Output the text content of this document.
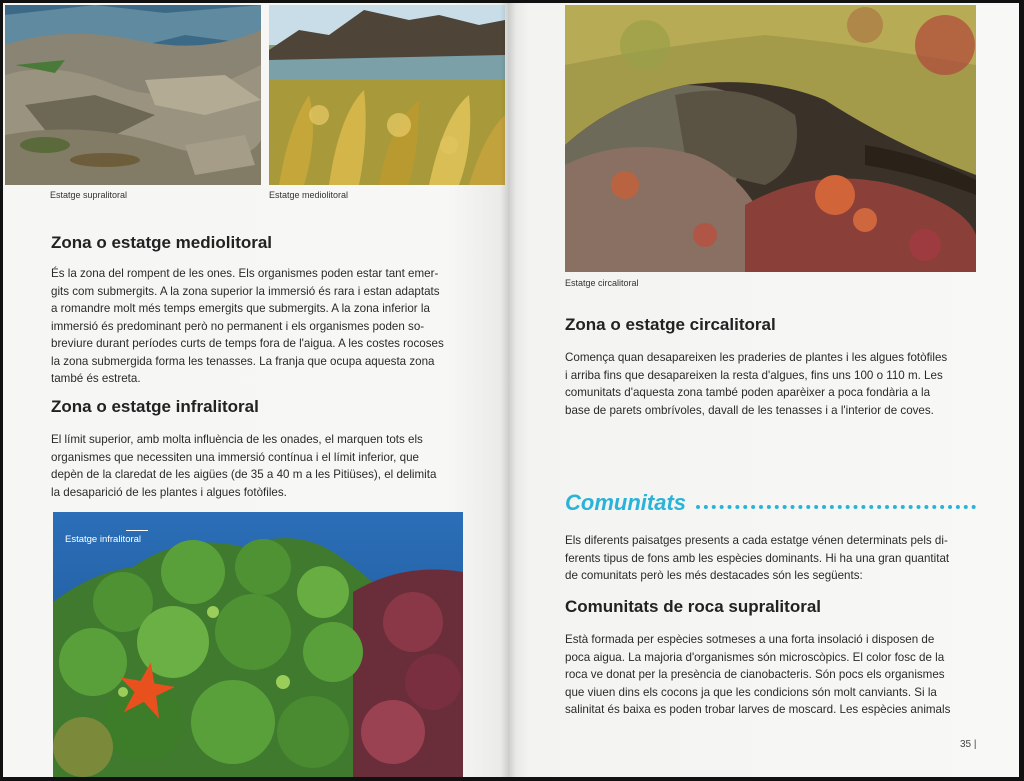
Estatge supralitoral	Estatge mediolitoral
Zona o estatge mediolitoral
És la zona del rompent de les ones. Els organismes poden estar tant emer-
gits com submergits. A la zona superior la immersió és rara i estan adaptats
a romandre molt més temps emergits que submergits. A la zona inferior la
immersió és predominant però no permanent i els organismes poden so-
breviure durant períodes curts de temps fora de l'aigua. A les costes rocoses
la zona submergida forma les tenasses. La franja que ocupa aquesta zona
també és estreta.
Zona o estatge infralitoral
El límit superior, amb molta influència de les onades, el marquen tots els
organismes que necessiten una immersió contínua i el límit inferior, que
depèn de la claredat de les aigües (de 35 a 40 m a les Pitiüses), el delimita
la desaparició de les plantes i algues fotòfiles.
Estatge infralitoral
Estatge circalitoral
Zona o estatge circalitoral
Comença quan desapareixen les praderies de plantes i les algues fotòfiles
i arriba fins que desapareixen la resta d'algues, fins uns 100 o 110 m. Les
comunitats d'aquesta zona també poden aparèixer a poca fondària a la
base de parets ombrívoles, davall de les tenasses i a l'interior de coves.
Comunitats
Els diferents paisatges presents a cada estatge vénen determinats pels di-
ferents tipus de fons amb les espècies dominants. Hi ha una gran quantitat
de comunitats però les més destacades són les següents:
Comunitats de roca supralitoral
Està formada per espècies sotmeses a una forta insolació i disposen de
poca aigua. La majoria d'organismes són microscòpics. El color fosc de la
roca ve donat per la presència de cianobacteris. Són pocs els organismes
que viuen dins els cocons ja que les condicions són molt canviants. Si la
salinitat és baixa es poden trobar larves de moscard. Les espècies animals
35 |
